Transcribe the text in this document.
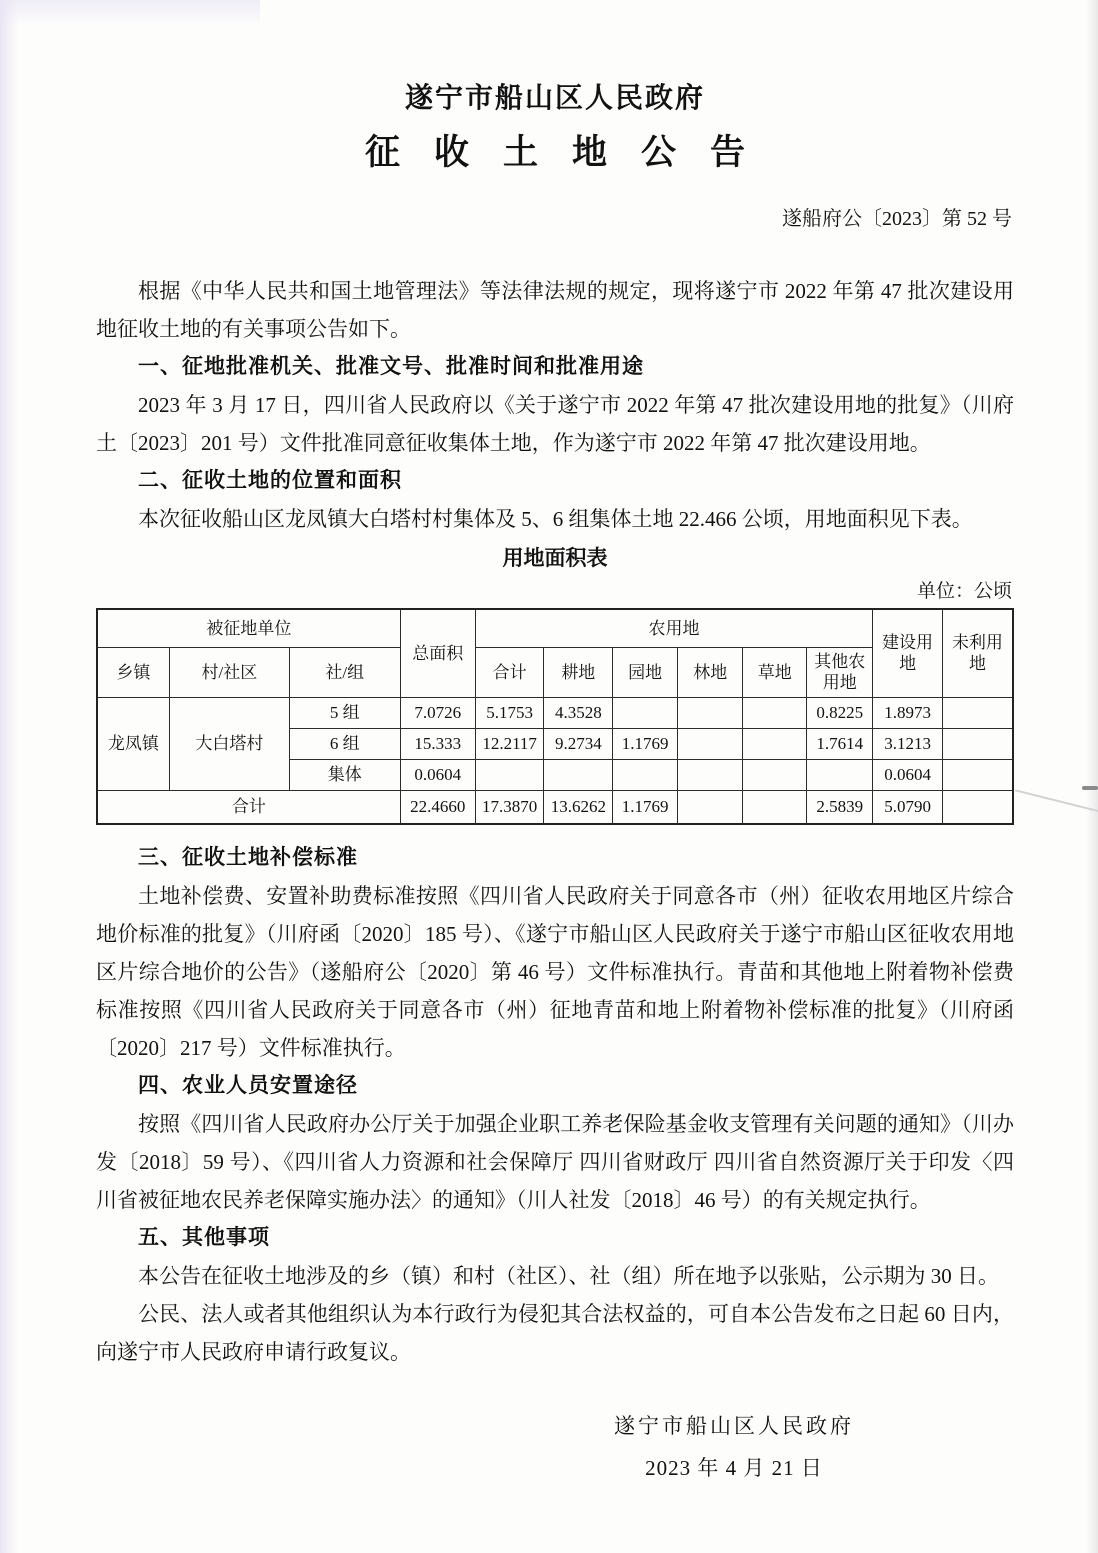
遂宁市船山区人民政府
征收土地公告
遂船府公〔2023〕第 52 号

根据《中华人民共和国土地管理法》等法律法规的规定，现将遂宁市 2022 年第 47 批次建设用地征收土地的有关事项公告如下。

一、征地批准机关、批准文号、批准时间和批准用途

2023 年 3 月 17 日，四川省人民政府以《关于遂宁市 2022 年第 47 批次建设用地的批复》（川府土〔2023〕201 号）文件批准同意征收集体土地，作为遂宁市 2022 年第 47 批次建设用地。

二、征收土地的位置和面积

本次征收船山区龙凤镇大白塔村村集体及 5、6 组集体土地 22.466 公顷，用地面积见下表。

用地面积表
单位：公顷
被征地单位			总面积	农用地						建设用地	未利用地
乡镇	村/社区	社/组		合计	耕地	园地	林地	草地	其他农用地		
龙凤镇	大白塔村	5 组	7.0726	5.1753	4.3528				0.8225	1.8973	
		6 组	15.333	12.2117	9.2734	1.1769			1.7614	3.1213	
		集体	0.0604							0.0604	
合计			22.4660	17.3870	13.6262	1.1769			2.5839	5.0790	
三、征收土地补偿标准

土地补偿费、安置补助费标准按照《四川省人民政府关于同意各市（州）征收农用地区片综合地价标准的批复》（川府函〔2020〕185 号）、《遂宁市船山区人民政府关于遂宁市船山区征收农用地区片综合地价的公告》（遂船府公〔2020〕第 46 号）文件标准执行。青苗和其他地上附着物补偿费标准按照《四川省人民政府关于同意各市（州）征地青苗和地上附着物补偿标准的批复》（川府函〔2020〕217 号）文件标准执行。

四、农业人员安置途径

按照《四川省人民政府办公厅关于加强企业职工养老保险基金收支管理有关问题的通知》（川办发〔2018〕59 号）、《四川省人力资源和社会保障厅 四川省财政厅 四川省自然资源厅关于印发〈四川省被征地农民养老保障实施办法〉的通知》（川人社发〔2018〕46 号）的有关规定执行。

五、其他事项

本公告在征收土地涉及的乡（镇）和村（社区）、社（组）所在地予以张贴，公示期为 30 日。

公民、法人或者其他组织认为本行政行为侵犯其合法权益的，可自本公告发布之日起 60 日内，向遂宁市人民政府申请行政复议。

遂宁市船山区人民政府
2023 年 4 月 21 日
